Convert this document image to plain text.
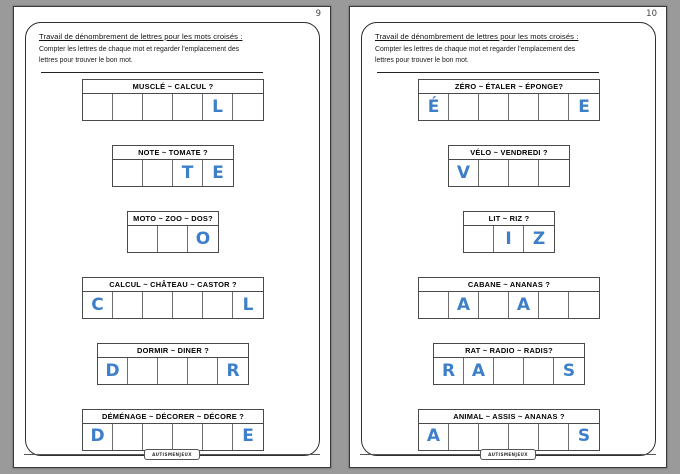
9
Travail de dénombrement de lettres pour les mots croisés :
Compter les lettres de chaque mot et regarder l'emplacement des
lettres pour trouver le bon mot.
MUSCLÉ ~ CALCUL ?
L
NOTE ~ TOMATE ?
T	E
MOTO ~ ZOO ~ DOS?
O
CALCUL ~ CHÂTEAU ~ CASTOR ?
C	L
DORMIR ~ DINER ?
D	R
DÉMÉNAGE ~ DÉCORER ~ DÉCORE ?
D	E
AUTISMENJEUX
10
Travail de dénombrement de lettres pour les mots croisés :
Compter les lettres de chaque mot et regarder l'emplacement des
lettres pour trouver le bon mot.
ZÉRO ~ ÉTALER ~ ÉPONGE?
É	E
VÉLO ~ VENDREDI ?
V
LIT ~ RIZ ?
I	Z
CABANE ~ ANANAS ?
A	A
RAT ~ RADIO ~ RADIS?
R A	S
ANIMAL ~ ASSIS ~ ANANAS ?
A	S
AUTISMENJEUX
